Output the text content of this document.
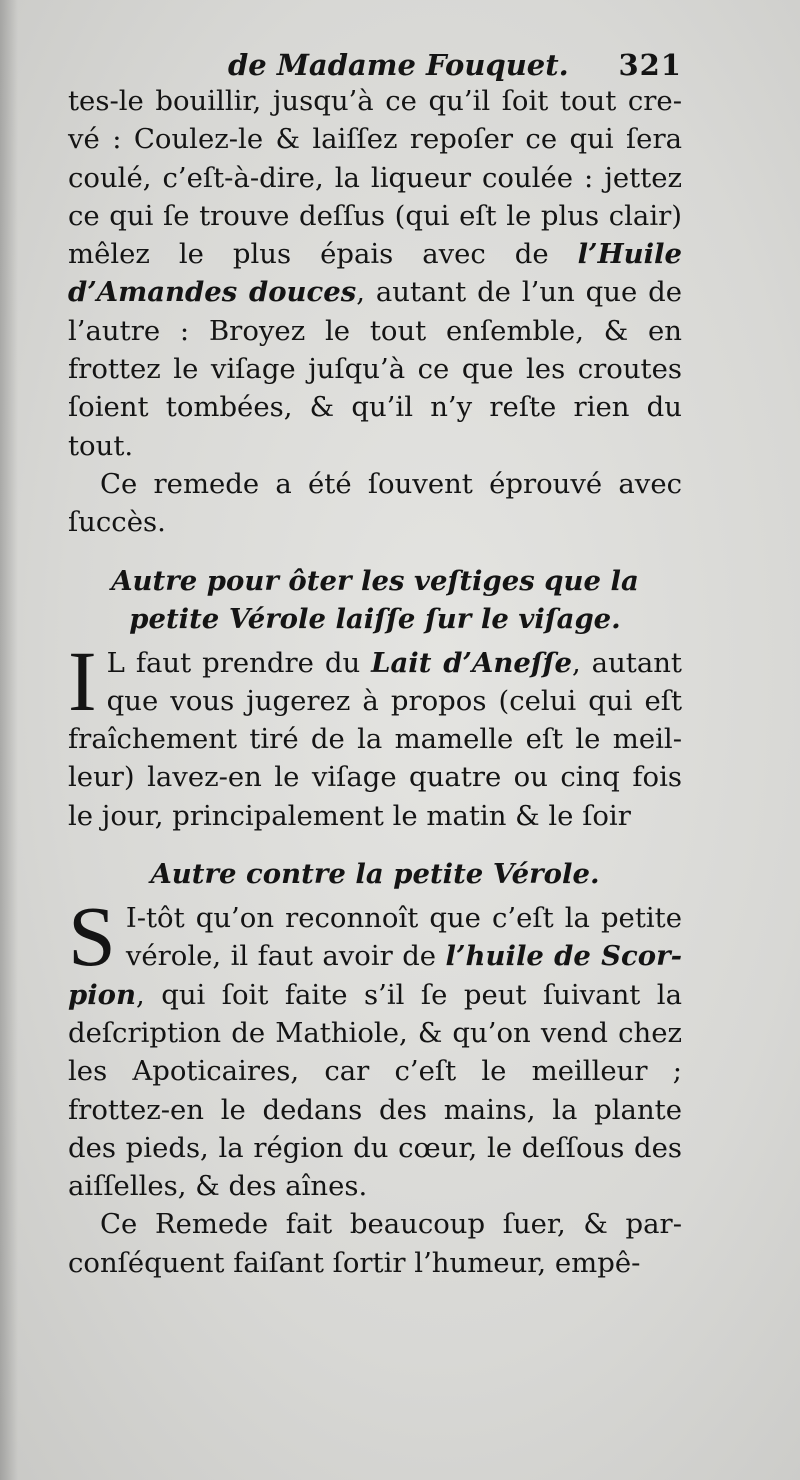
de Madame Fouquet. 321

tes-le bouillir, jusqu’à ce qu’il ſoit tout crevé : Coulez-le & laiſſez repoſer ce qui ſera coulé, c’eſt-à-dire, la liqueur coulée : jettez ce qui ſe trouve deſſus (qui eſt le plus clair) mêlez le plus épais avec de l’Huile d’Amandes douces, autant de l’un que de l’autre : Broyez le tout enſemble, & en frottez le viſage juſqu’à ce que les croutes ſoient tombées, & qu’il n’y reſte rien du tout.

Ce remede a été ſouvent éprouvé avec ſuccès.

Autre pour ôter les veſtiges que la petite Vérole laiſſe ſur le viſage.

I L faut prendre du Lait d’Aneſſe, autant que vous jugerez à propos (celui qui eſt fraîchement tiré de la mamelle eſt le meilleur) lavez-en le viſage quatre ou cinq fois le jour, principalement le matin & le ſoir

Autre contre la petite Vérole.

S I-tôt qu’on reconnoît que c’eſt la petite vérole, il faut avoir de l’huile de Scorpion, qui ſoit faite s’il ſe peut ſuivant la deſcription de Mathiole, & qu’on vend chez les Apoticaires, car c’eſt le meilleur ; frottez-en le dedans des mains, la plante des pieds, la région du cœur, le deſſous des aiſſelles, & des aînes.

Ce Remede fait beaucoup ſuer, & parconſéquent faiſant ſortir l’humeur, empê-
